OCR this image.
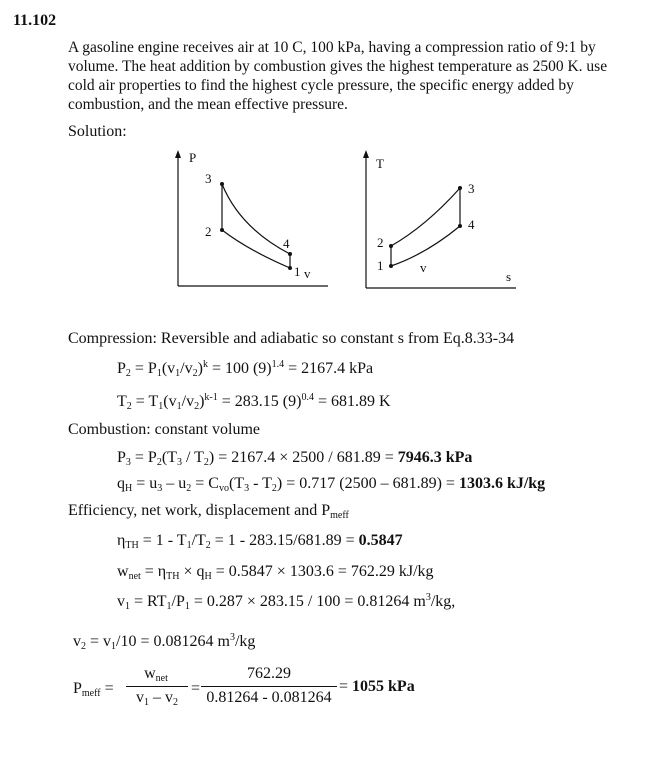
11.102
A gasoline engine receives air at 10 C, 100 kPa, having a compression ratio of 9:1 by volume. The heat addition by combustion gives the highest temperature as 2500 K. use cold air properties to find the highest cycle pressure, the specific energy added by combustion, and the mean effective pressure.
Solution:
P
v
3
2
4
1
T
s
v
3
4
2
1
Compression: Reversible and adiabatic so constant s from Eq.8.33-34
$P_2 = P_1(v_1/v_2)^k = 100$ $(9)^{1.4} = 2167.4$ kPa
$T_2 = T_1(v_1/v_2)^{k-1} = 283.15$ $(9)^{0.4} = 681.89$ K
Combustion: constant volume
$P_3 = P_2(T_3 / T_2) = 2167.4 \times 2500 / 681.89 = 7946.3$ kPa
$q_H = u_3 - u_2 = C_{vo}(T_3 - T_2) = 0.717$ (2500 – 681.89) = 1303.6 kJ/kg
Efficiency, net work, displacement and $P_{meff}$
$\eta_{TH} = 1 - T_1/T_2 = 1 - 283.15/681.89 = 0.5847$
$w_{net} = \eta_{TH} \times q_H = 0.5847 \times 1303.6 = 762.29$ kJ/kg
$v_1 = RT_1/P_1 = 0.287 \times 283.15 / 100 = 0.81264$ $m^3/kg$,
$v_2 = v_1/10 = 0.081264$ $m^3/kg$
$P_{meff}$ =
$w_{net}$
$v_1 - v_2$
=
762.29
0.81264 - 0.081264
= 1055 kPa
